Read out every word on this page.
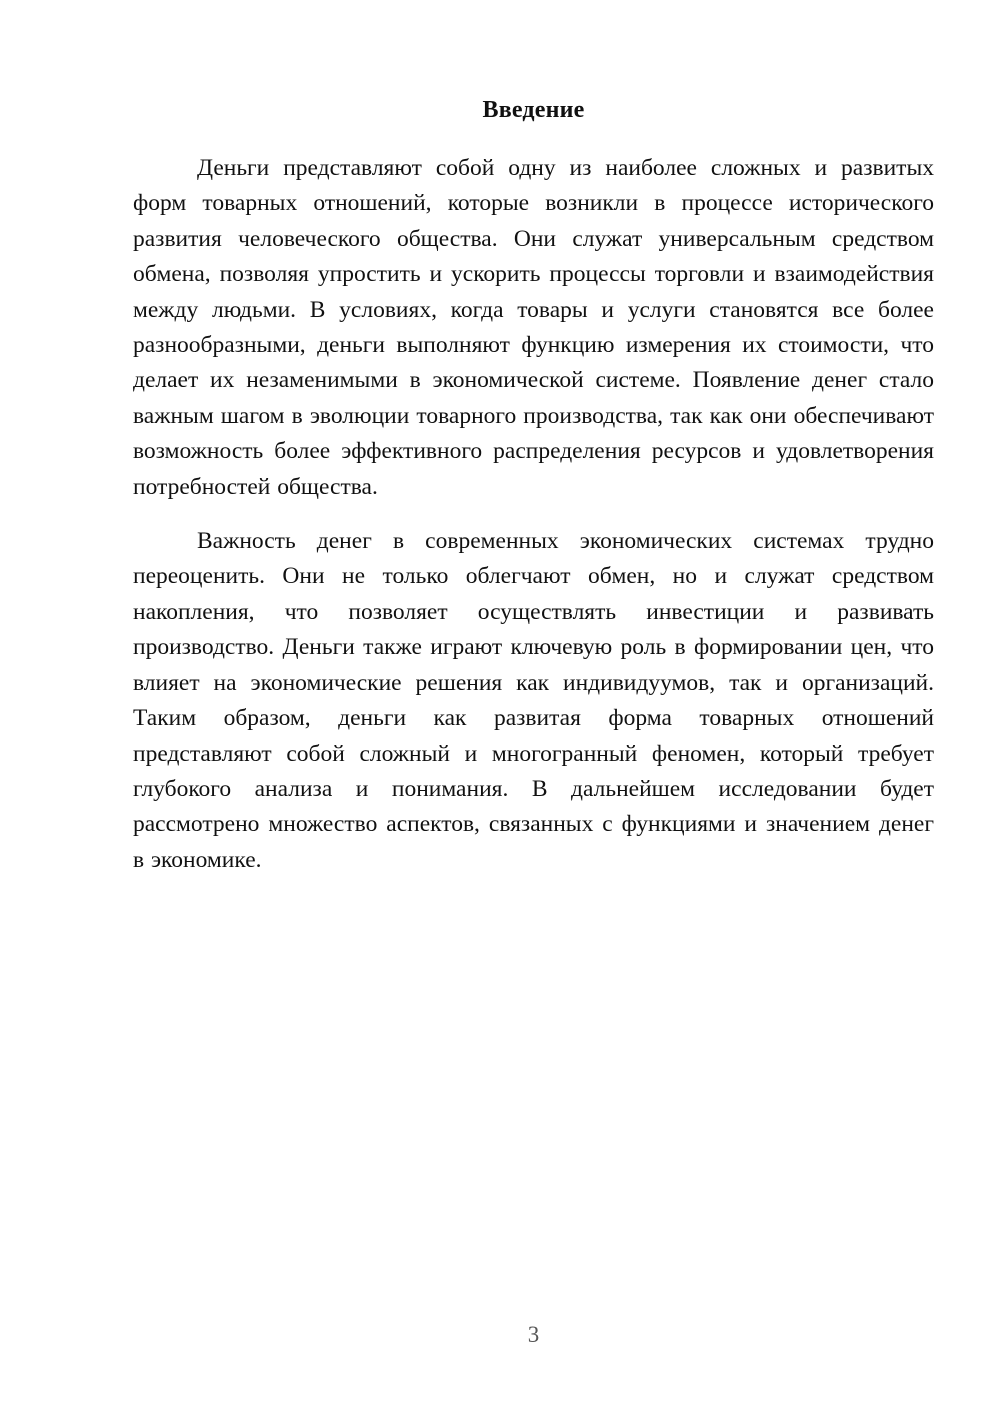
Введение

Деньги представляют собой одну из наиболее сложных и развитых форм товарных отношений, которые возникли в процессе исторического развития человеческого общества. Они служат универсальным средством обмена, позволяя упростить и ускорить процессы торговли и взаимодействия между людьми. В условиях, когда товары и услуги становятся все более разнообразными, деньги выполняют функцию измерения их стоимости, что делает их незаменимыми в экономической системе. Появление денег стало важным шагом в эволюции товарного производства, так как они обеспечивают возможность более эффективного распределения ресурсов и удовлетворения потребностей общества.

Важность денег в современных экономических системах трудно переоценить. Они не только облегчают обмен, но и служат средством накопления, что позволяет осуществлять инвестиции и развивать производство. Деньги также играют ключевую роль в формировании цен, что влияет на экономические решения как индивидуумов, так и организаций. Таким образом, деньги как развитая форма товарных отношений представляют собой сложный и многогранный феномен, который требует глубокого анализа и понимания. В дальнейшем исследовании будет рассмотрено множество аспектов, связанных с функциями и значением денег в экономике.

3
